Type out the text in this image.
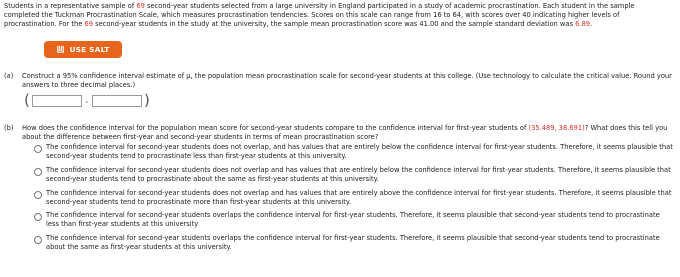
Students in a representative sample of 69 second-year students selected from a large university in England participated in a study of academic procrastination. Each student in the sample completed the Tuckman Procrastination Scale, which measures procrastination tendencies. Scores on this scale can range from 16 to 64, with scores over 40 indicating higher levels of procrastination. For the 69 second-year students in the study at the university, the sample mean procrastination score was 41.00 and the sample standard deviation was 6.89.
USE SALT
(a) Construct a 95% confidence interval estimate of μ, the population mean procrastination scale for second-year students at this college. (Use technology to calculate the critical value. Round your answers to three decimal places.)
(	,	)
(b) How does the confidence interval for the population mean score for second-year students compare to the confidence interval for first-year students of (35.489, 38.691)? What does this tell you about the difference between first-year and second-year students in terms of mean procrastination score?
The confidence interval for second-year students does not overlap, and has values that are entirely below the confidence interval for first-year students. Therefore, it seems plausible that second-year students tend to procrastinate less than first-year students at this university.
The confidence interval for second-year students does not overlap and has values that are entirely below the confidence interval for first-year students. Therefore, it seems plausible that second-year students tend to procrastinate about the same as first-year students at this university.
The confidence interval for second-year students does not overlap and has values that are entirely above the confidence interval for first-year students. Therefore, it seems plausible that second-year students tend to procrastinate more than first-year students at this university.
The confidence interval for second-year students overlaps the confidence interval for first-year students. Therefore, it seems plausible that second-year students tend to procrastinate less than first-year students at this university
The confidence interval for second-year students overlaps the confidence interval for first-year students. Therefore, it seems plausible that second-year students tend to procrastinate about the same as first-year students at this university.
